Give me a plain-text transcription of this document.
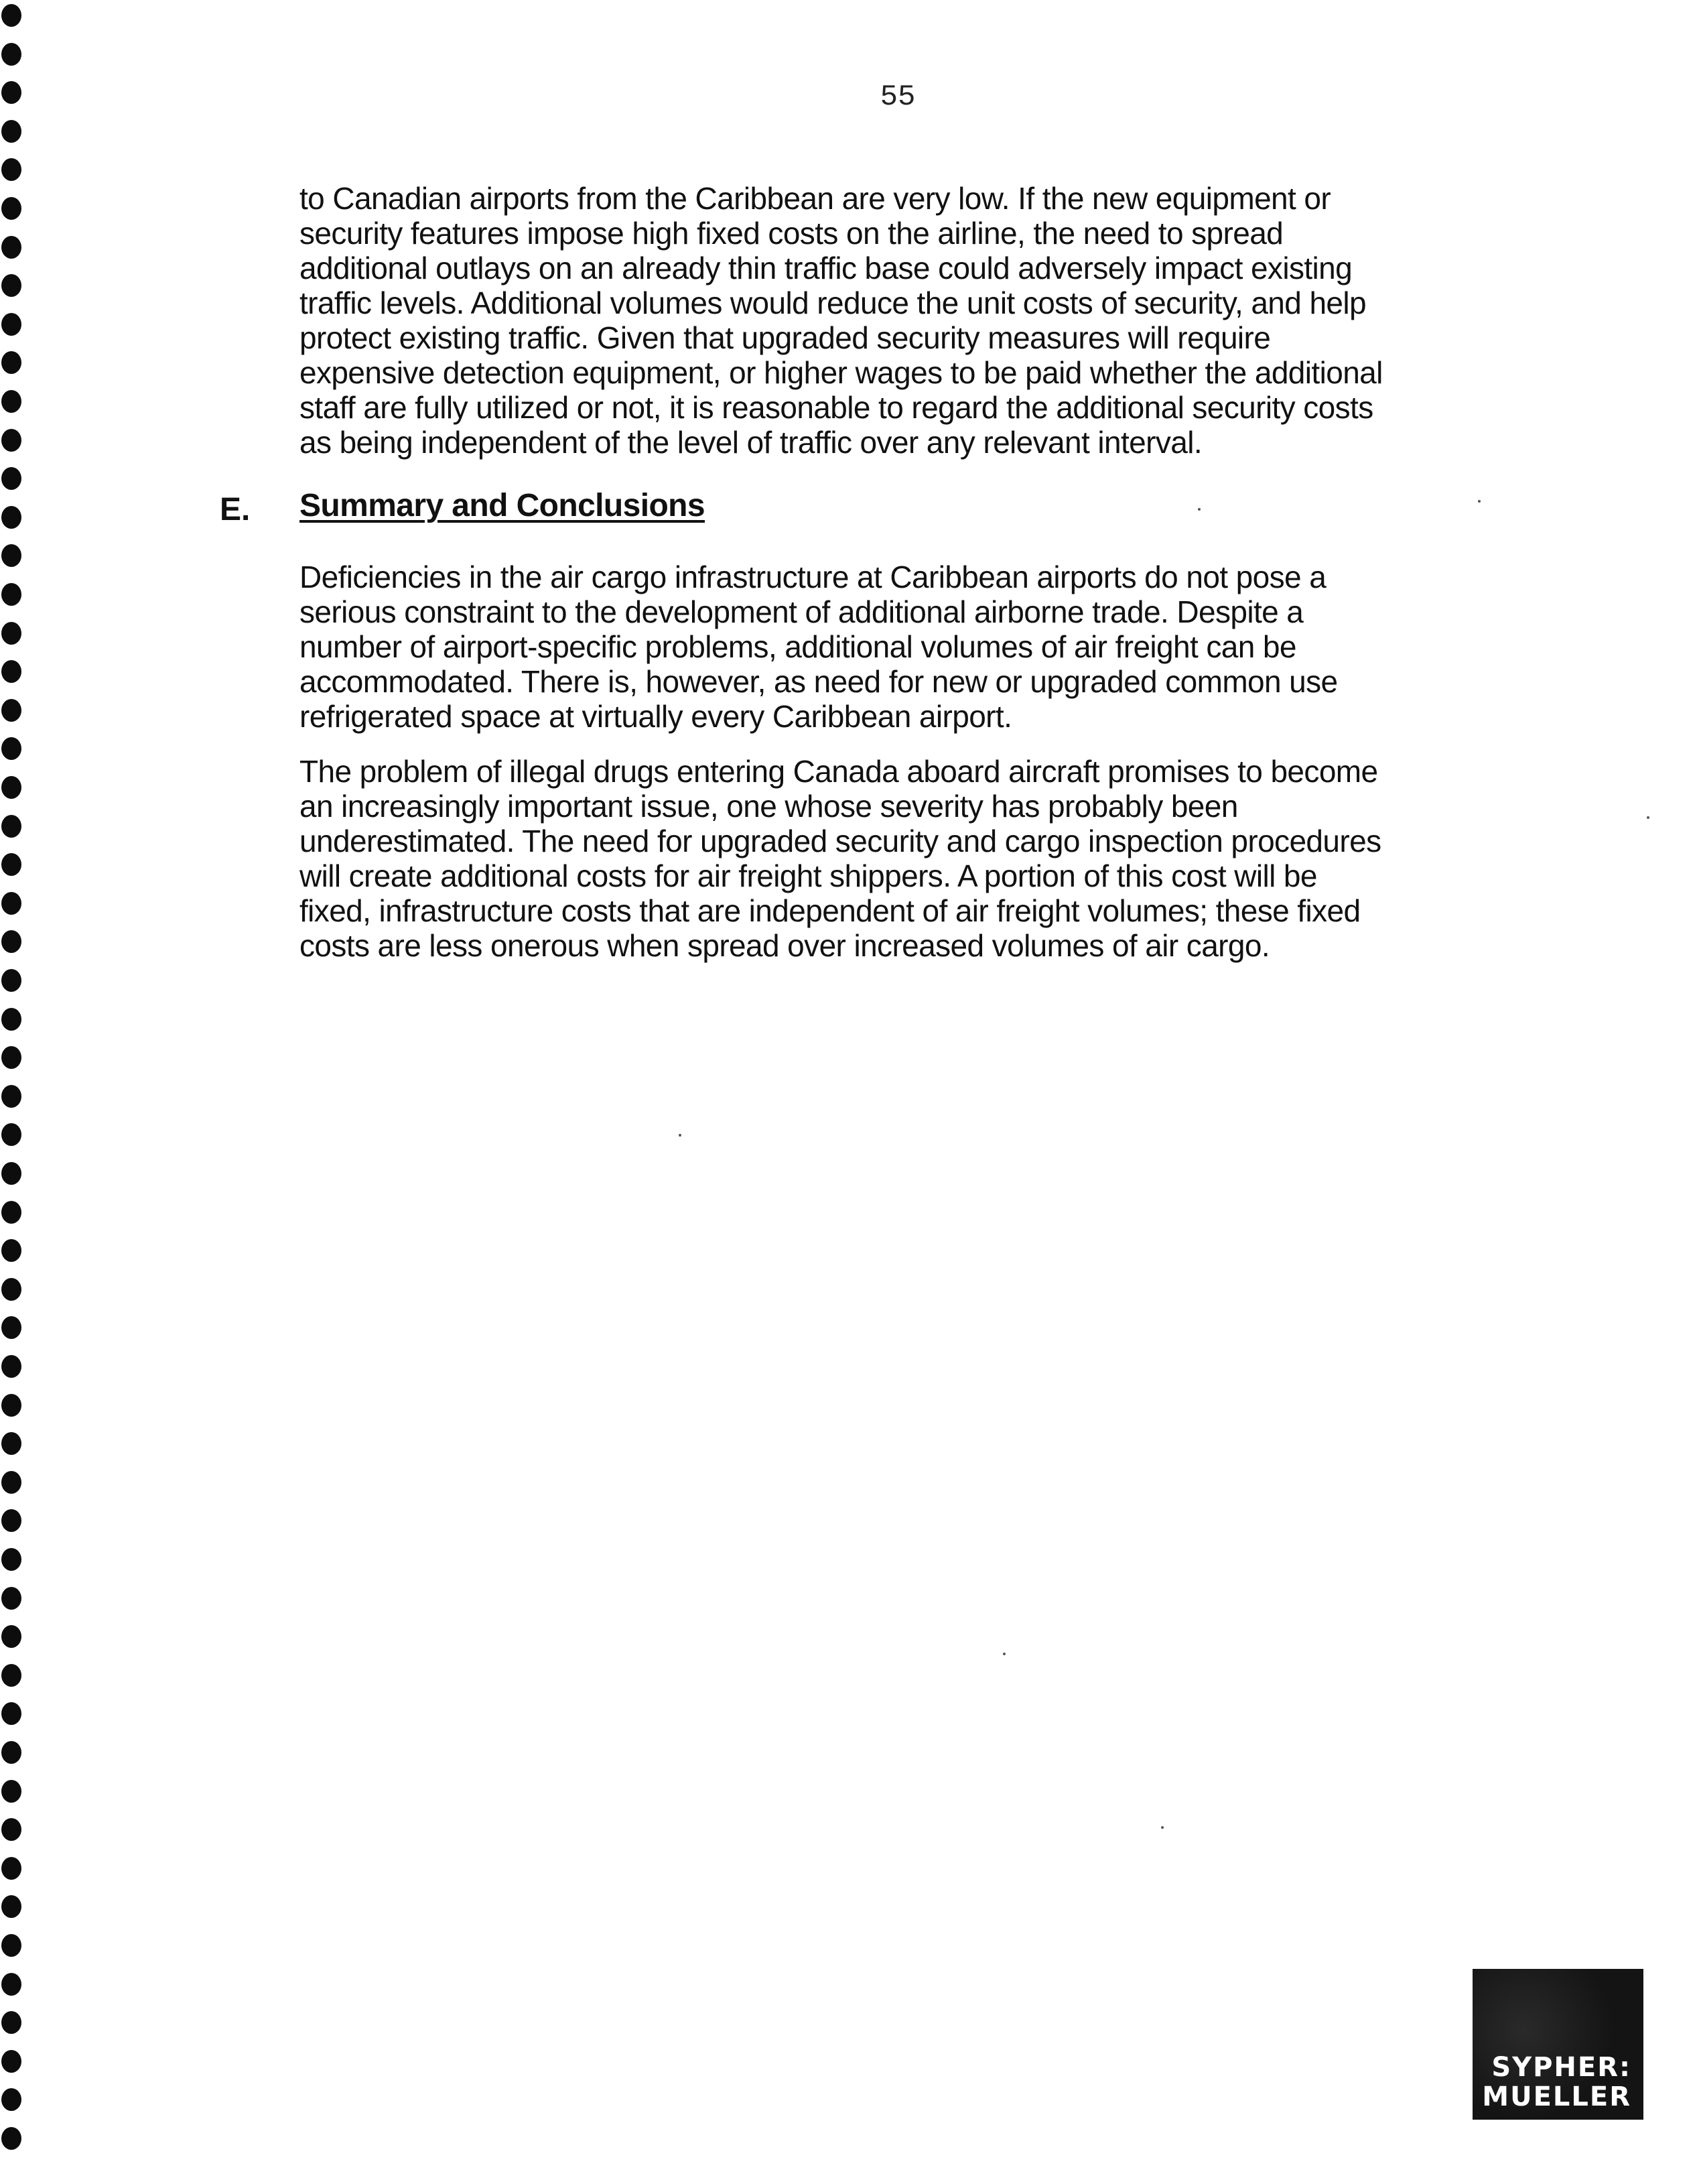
55
to Canadian airports from the Caribbean are very low. If the new equipment or
security features impose high fixed costs on the airline, the need to spread
additional outlays on an already thin traffic base could adversely impact existing
traffic levels. Additional volumes would reduce the unit costs of security, and help
protect existing traffic. Given that upgraded security measures will require
expensive detection equipment, or higher wages to be paid whether the additional
staff are fully utilized or not, it is reasonable to regard the additional security costs
as being independent of the level of traffic over any relevant interval.
E. Summary and Conclusions
Deficiencies in the air cargo infrastructure at Caribbean airports do not pose a
serious constraint to the development of additional airborne trade. Despite a
number of airport-specific problems, additional volumes of air freight can be
accommodated. There is, however, as need for new or upgraded common use
refrigerated space at virtually every Caribbean airport.
The problem of illegal drugs entering Canada aboard aircraft promises to become
an increasingly important issue, one whose severity has probably been
underestimated. The need for upgraded security and cargo inspection procedures
will create additional costs for air freight shippers. A portion of this cost will be
fixed, infrastructure costs that are independent of air freight volumes; these fixed
costs are less onerous when spread over increased volumes of air cargo.
SYPHER:
MUELLER
